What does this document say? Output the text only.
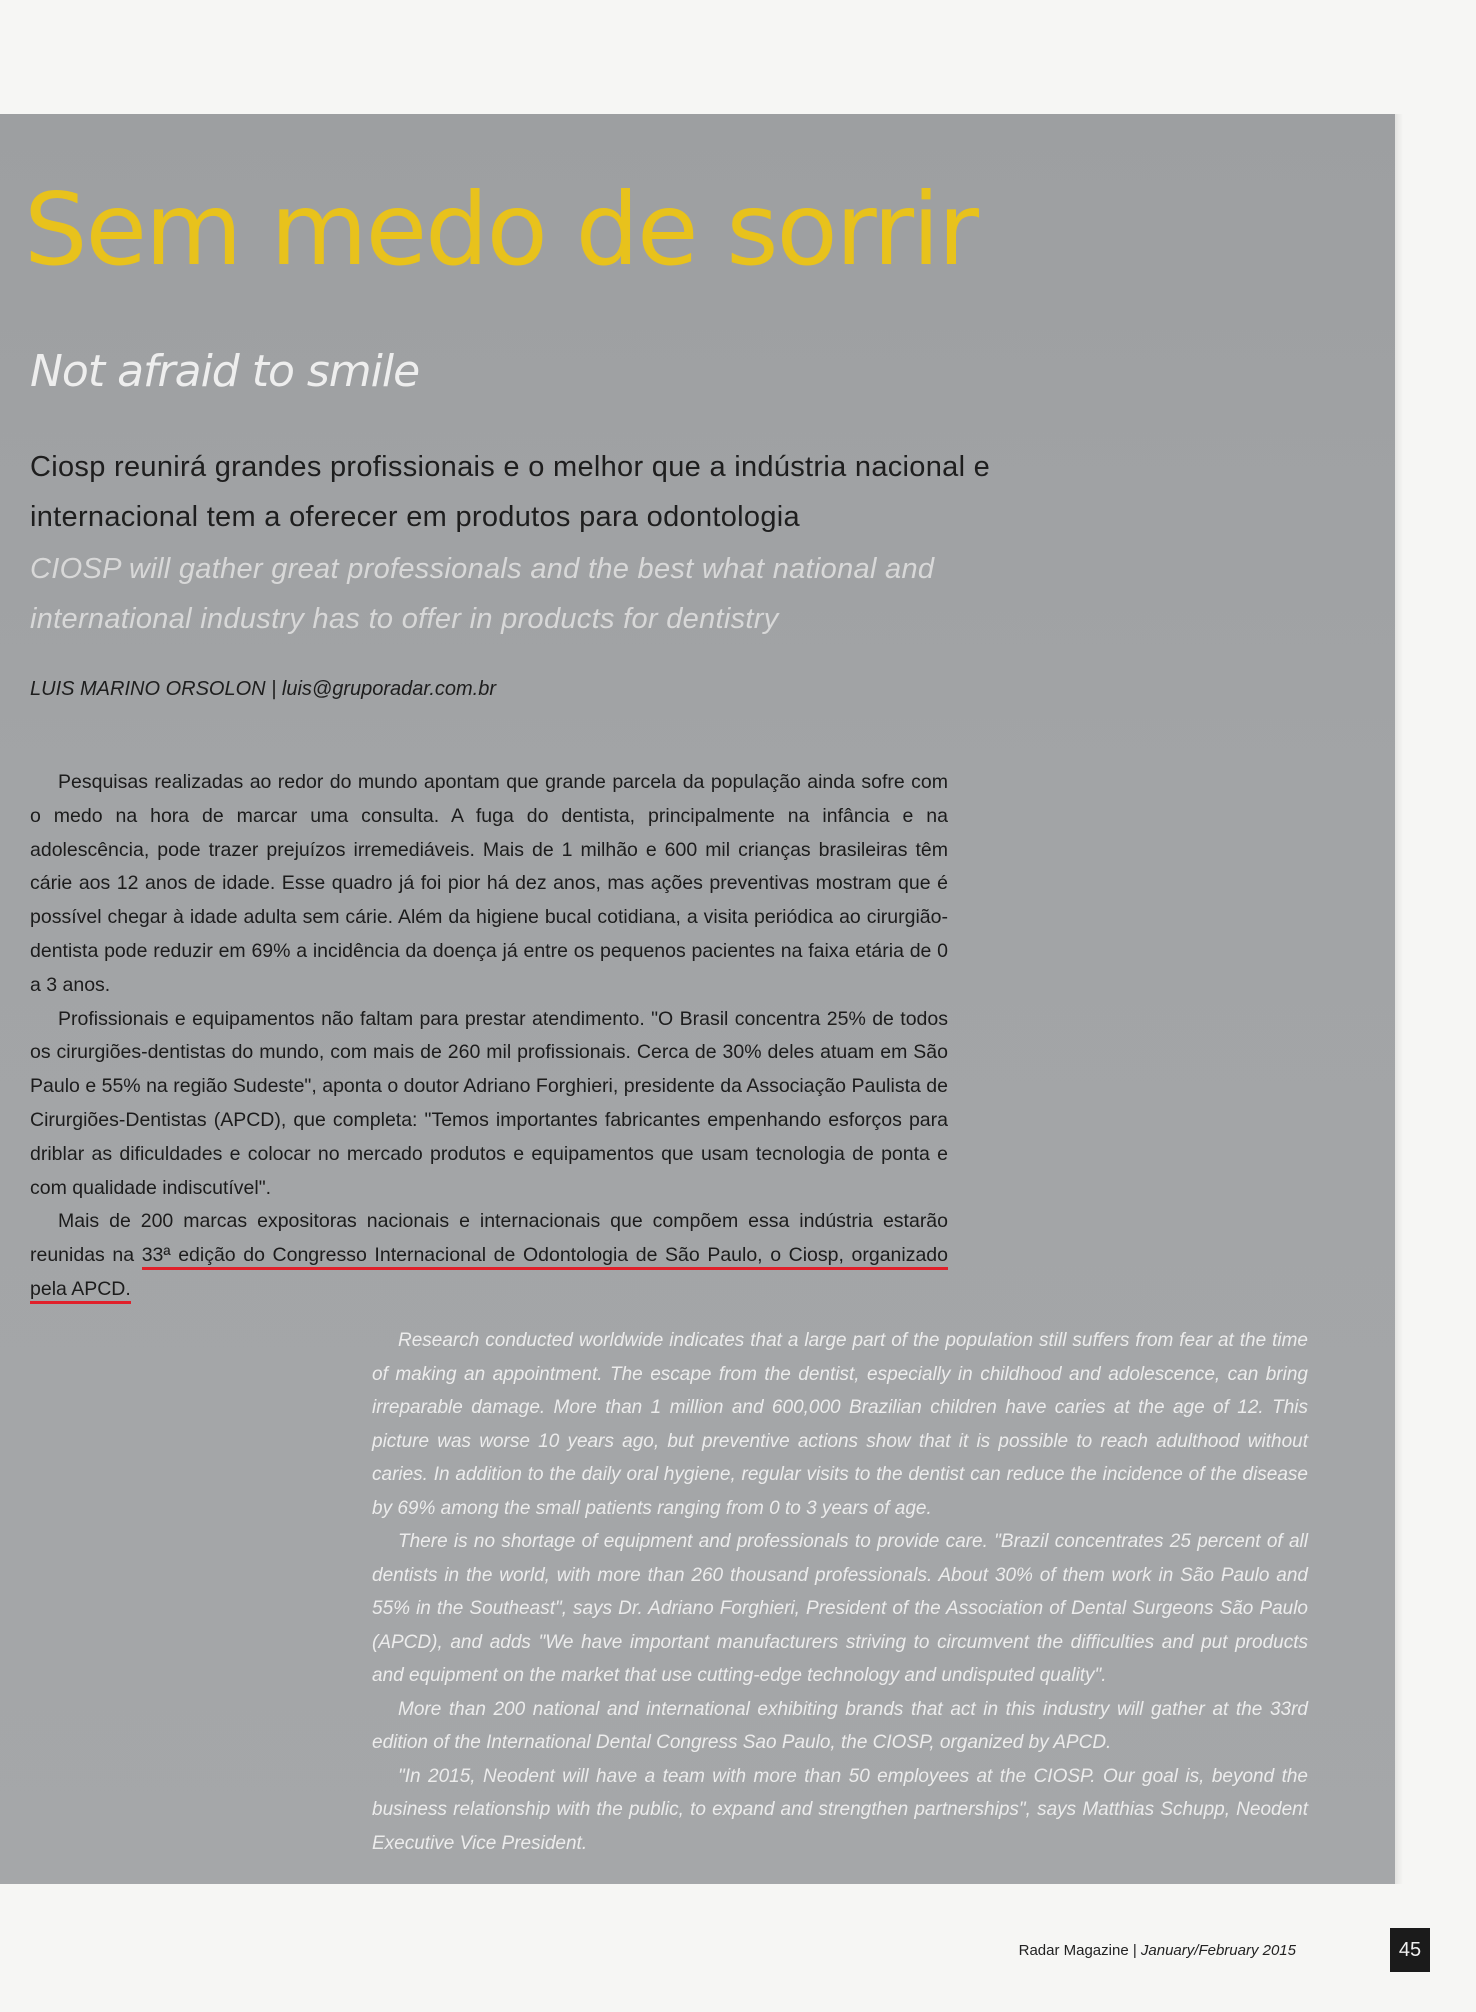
Sem medo de sorrir
Not afraid to smile
Ciosp reunirá grandes profissionais e o melhor que a indústria nacional e internacional tem a oferecer em produtos para odontologia
CIOSP will gather great professionals and the best what national and international industry has to offer in products for dentistry
LUIS MARINO ORSOLON | luis@gruporadar.com.br

Pesquisas realizadas ao redor do mundo apontam que grande parcela da população ainda sofre com o medo na hora de marcar uma consulta. A fuga do dentista, principalmente na infância e na adolescência, pode trazer prejuízos irremediáveis. Mais de 1 milhão e 600 mil crianças brasileiras têm cárie aos 12 anos de idade. Esse quadro já foi pior há dez anos, mas ações preventivas mostram que é possível chegar à idade adulta sem cárie. Além da higiene bucal cotidiana, a visita periódica ao cirurgião-dentista pode reduzir em 69% a incidência da doença já entre os pequenos pacientes na faixa etária de 0 a 3 anos.

Profissionais e equipamentos não faltam para prestar atendimento. "O Brasil concentra 25% de todos os cirurgiões-dentistas do mundo, com mais de 260 mil profissionais. Cerca de 30% deles atuam em São Paulo e 55% na região Sudeste", aponta o doutor Adriano Forghieri, presidente da Associação Paulista de Cirurgiões-Dentistas (APCD), que completa: "Temos importantes fabricantes empenhando esforços para driblar as dificuldades e colocar no mercado produtos e equipamentos que usam tecnologia de ponta e com qualidade indiscutível".

Mais de 200 marcas expositoras nacionais e internacionais que compõem essa indústria estarão reunidas na 33ª edição do Congresso Internacional de Odontologia de São Paulo, o Ciosp, organizado pela APCD.

Research conducted worldwide indicates that a large part of the population still suffers from fear at the time of making an appointment. The escape from the dentist, especially in childhood and adolescence, can bring irreparable damage. More than 1 million and 600,000 Brazilian children have caries at the age of 12. This picture was worse 10 years ago, but preventive actions show that it is possible to reach adulthood without caries. In addition to the daily oral hygiene, regular visits to the dentist can reduce the incidence of the disease by 69% among the small patients ranging from 0 to 3 years of age.

There is no shortage of equipment and professionals to provide care. "Brazil concentrates 25 percent of all dentists in the world, with more than 260 thousand professionals. About 30% of them work in São Paulo and 55% in the Southeast", says Dr. Adriano Forghieri, President of the Association of Dental Surgeons São Paulo (APCD), and adds "We have important manufacturers striving to circumvent the difficulties and put products and equipment on the market that use cutting-edge technology and undisputed quality".

More than 200 national and international exhibiting brands that act in this industry will gather at the 33rd edition of the International Dental Congress Sao Paulo, the CIOSP, organized by APCD.

"In 2015, Neodent will have a team with more than 50 employees at the CIOSP. Our goal is, beyond the business relationship with the public, to expand and strengthen partnerships", says Matthias Schupp, Neodent Executive Vice President.

Radar Magazine | January/February 2015	45
